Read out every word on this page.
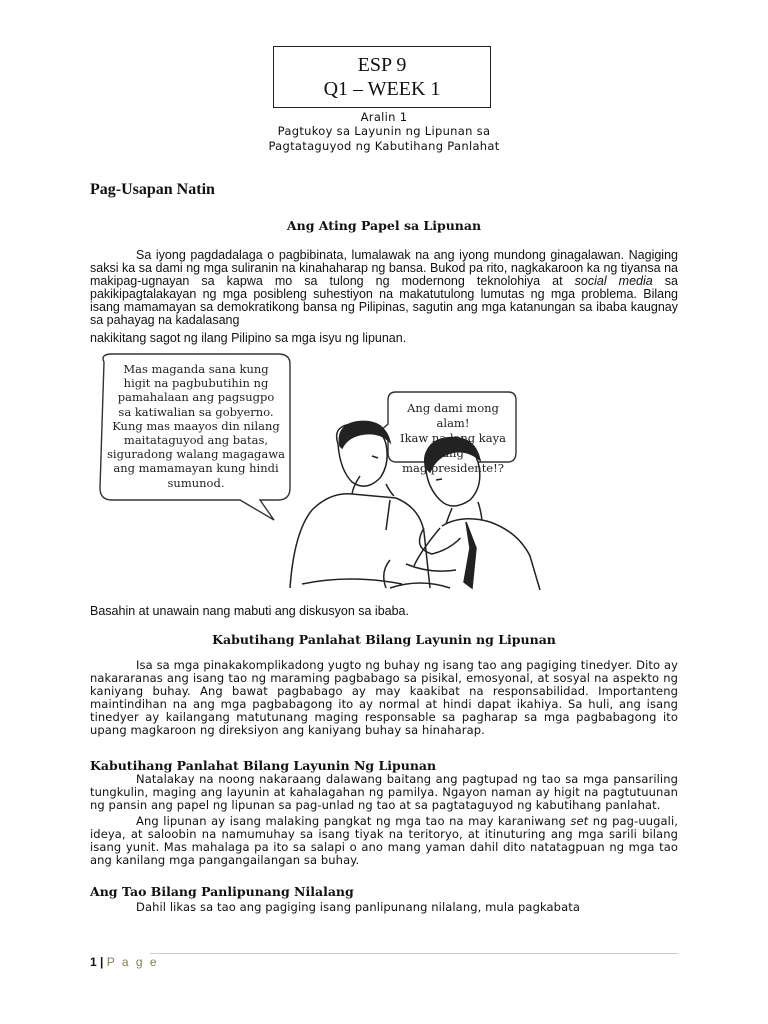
ESP 9
Q1 – WEEK 1
Aralin 1
Pagtukoy sa Layunin ng Lipunan sa
Pagtataguyod ng Kabutihang Panlahat
Pag-Usapan Natin
Ang Ating Papel sa Lipunan
Sa iyong pagdadalaga o pagbibinata, lumalawak na ang iyong mundong ginagalawan. Nagiging saksi ka sa dami ng mga suliranin na kinahaharap ng bansa. Bukod pa rito, nagkakaroon ka ng tiyansa na makipag-ugnayan sa kapwa mo sa tulong ng modernong teknolohiya at social media sa pakikipagtalakayan ng mga posibleng suhestiyon na makatutulong lumutas ng mga problema. Bilang isang mamamayan sa demokratikong bansa ng Pilipinas, sagutin ang mga katanungan sa ibaba kaugnay sa pahayag na kadalasang
nakikitang sagot ng ilang Pilipino sa mga isyu ng lipunan.
Mas maganda sana kung
higit na pagbubutihin ng
pamahalaan ang pagsugpo
sa katiwalian sa gobyerno.
Kung mas maayos din nilang
maitataguyod ang batas,
siguradong walang magagawa
ang mamamayan kung hindi
sumunod.
Ang dami mong alam!
Ikaw na lang kaya ang
mag presidente!?
Basahin at unawain nang mabuti ang diskusyon sa ibaba.
Kabutihang Panlahat Bilang Layunin ng Lipunan
Isa sa mga pinakakomplikadong yugto ng buhay ng isang tao ang pagiging tinedyer. Dito ay nakararanas ang isang tao ng maraming pagbabago sa pisikal, emosyonal, at sosyal na aspekto ng kaniyang buhay. Ang bawat pagbabago ay may kaakibat na responsabilidad. Importanteng maintindihan na ang mga pagbabagong ito ay normal at hindi dapat ikahiya. Sa huli, ang isang tinedyer ay kailangang matutunang maging responsable sa pagharap sa mga pagbabagong ito upang magkaroon ng direksiyon ang kaniyang buhay sa hinaharap.
Kabutihang Panlahat Bilang Layunin Ng Lipunan
Natalakay na noong nakaraang dalawang baitang ang pagtupad ng tao sa mga pansariling tungkulin, maging ang layunin at kahalagahan ng pamilya. Ngayon naman ay higit na pagtutuunan ng pansin ang papel ng lipunan sa pag-unlad ng tao at sa pagtataguyod ng kabutihang panlahat.
Ang lipunan ay isang malaking pangkat ng mga tao na may karaniwang set ng pag-uugali, ideya, at saloobin na namumuhay sa isang tiyak na teritoryo, at itinuturing ang mga sarili bilang isang yunit. Mas mahalaga pa ito sa salapi o ano mang yaman dahil dito natatagpuan ng mga tao ang kanilang mga pangangailangan sa buhay.
Ang Tao Bilang Panlipunang Nilalang
Dahil likas sa tao ang pagiging isang panlipunang nilalang, mula pagkabata
1 | P a g e
